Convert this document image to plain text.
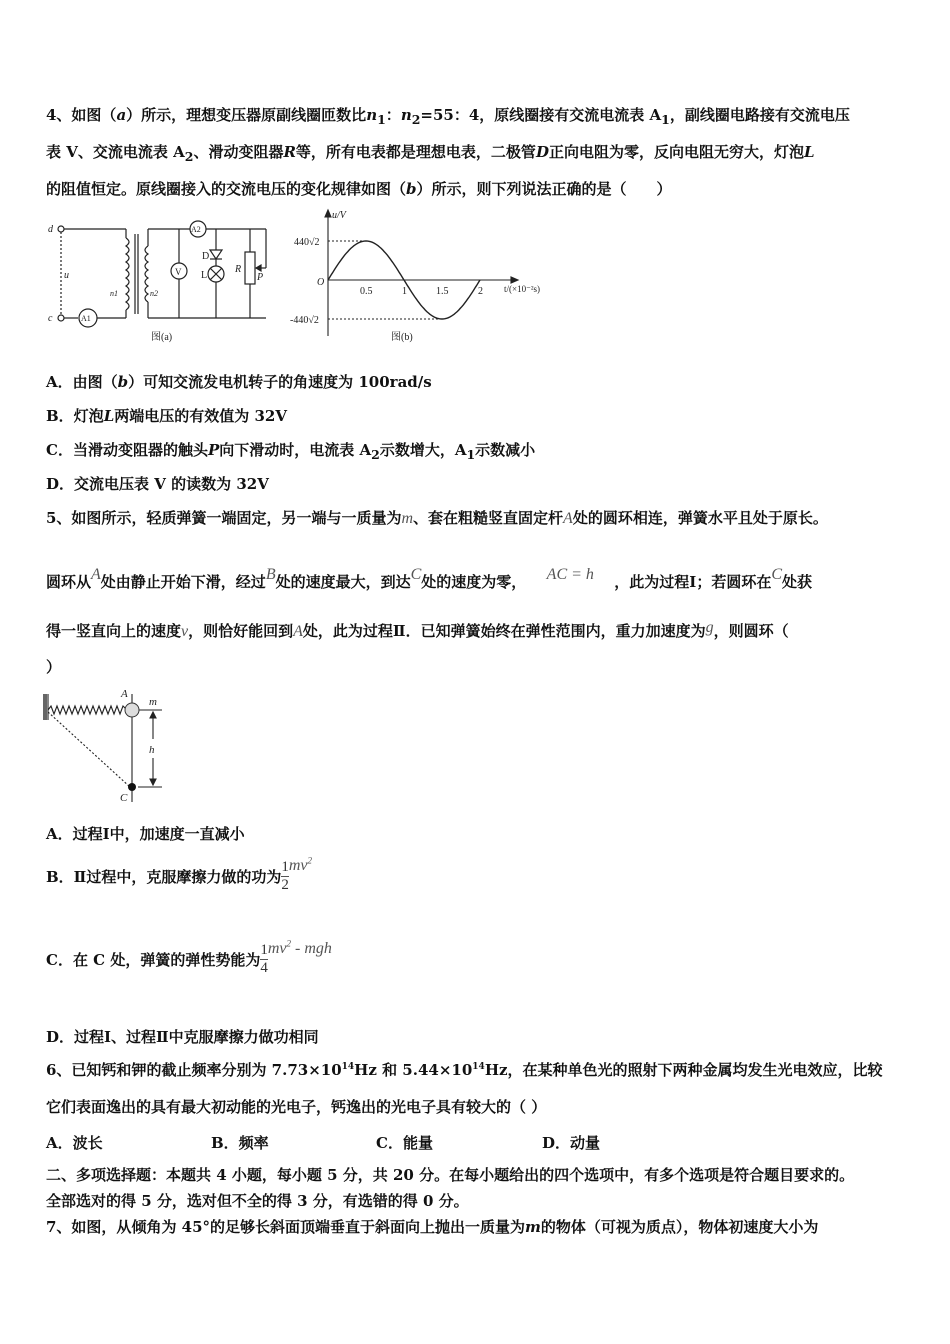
4、如图（a）所示，理想变压器原副线圈匝数比$n_1$：$n_2=55$：4，原线圈接有交流电流表 $A_1$，副线圈电路接有交流电压
表 V、交流电流表 $A_2$、滑动变阻器R等，所有电表都是理想电表，二极管D正向电阻为零，反向电阻无穷大，灯泡L
的阻值恒定。原线圈接入的交流电压的变化规律如图（b）所示，则下列说法正确的是（　　）
d
c
u
n1	n2
A1
A2
V
D
L
R
P
图(a)
u/V
440√2
-440√2
O
0.5	1	1.5	2 t/(×10⁻²s)
图(b)
A．由图（b）可知交流发电机转子的角速度为 100rad/s
B．灯泡L两端电压的有效值为 32V
C．当滑动变阻器的触头P向下滑动时，电流表 $A_2$示数增大，$A_1$示数减小
D．交流电压表 V 的读数为 32V
5、如图所示，轻质弹簧一端固定，另一端与一质量为m、套在粗糙竖直固定杆A处的圆环相连，弹簧水平且处于原长。
圆环从A处由静止开始下滑，经过B处的速度最大，到达C处的速度为零， AC = h ，此为过程Ⅰ；若圆环在C处获
得一竖直向上的速度v，则恰好能回到A处，此为过程Ⅱ．已知弹簧始终在弹性范围内，重力加速度为g，则圆环（
）
A
C
m
h
A．过程Ⅰ中，加速度一直减小
B．Ⅱ过程中，克服摩擦力做的功为 $\frac{1}{2} mv^2$
C．在 C 处，弹簧的弹性势能为 $\frac{1}{4} mv^2$ - mgh
D．过程Ⅰ、过程Ⅱ中克服摩擦力做功相同
6、已知钙和钾的截止频率分别为 $7.73\times 10^{14}Hz$ 和 $5.44\times 10^{14}Hz$，在某种单色光的照射下两种金属均发生光电效应，比较
它们表面逸出的具有最大初动能的光电子，钙逸出的光电子具有较大的（ ）
A．波长	B．频率	C．能量	D．动量
二、多项选择题：本题共 4 小题，每小题 5 分，共 20 分。在每小题给出的四个选项中，有多个选项是符合题目要求的。
全部选对的得 5 分，选对但不全的得 3 分，有选错的得 0 分。
7、如图，从倾角为 45°的足够长斜面顶端垂直于斜面向上抛出一质量为m的物体（可视为质点），物体初速度大小为
